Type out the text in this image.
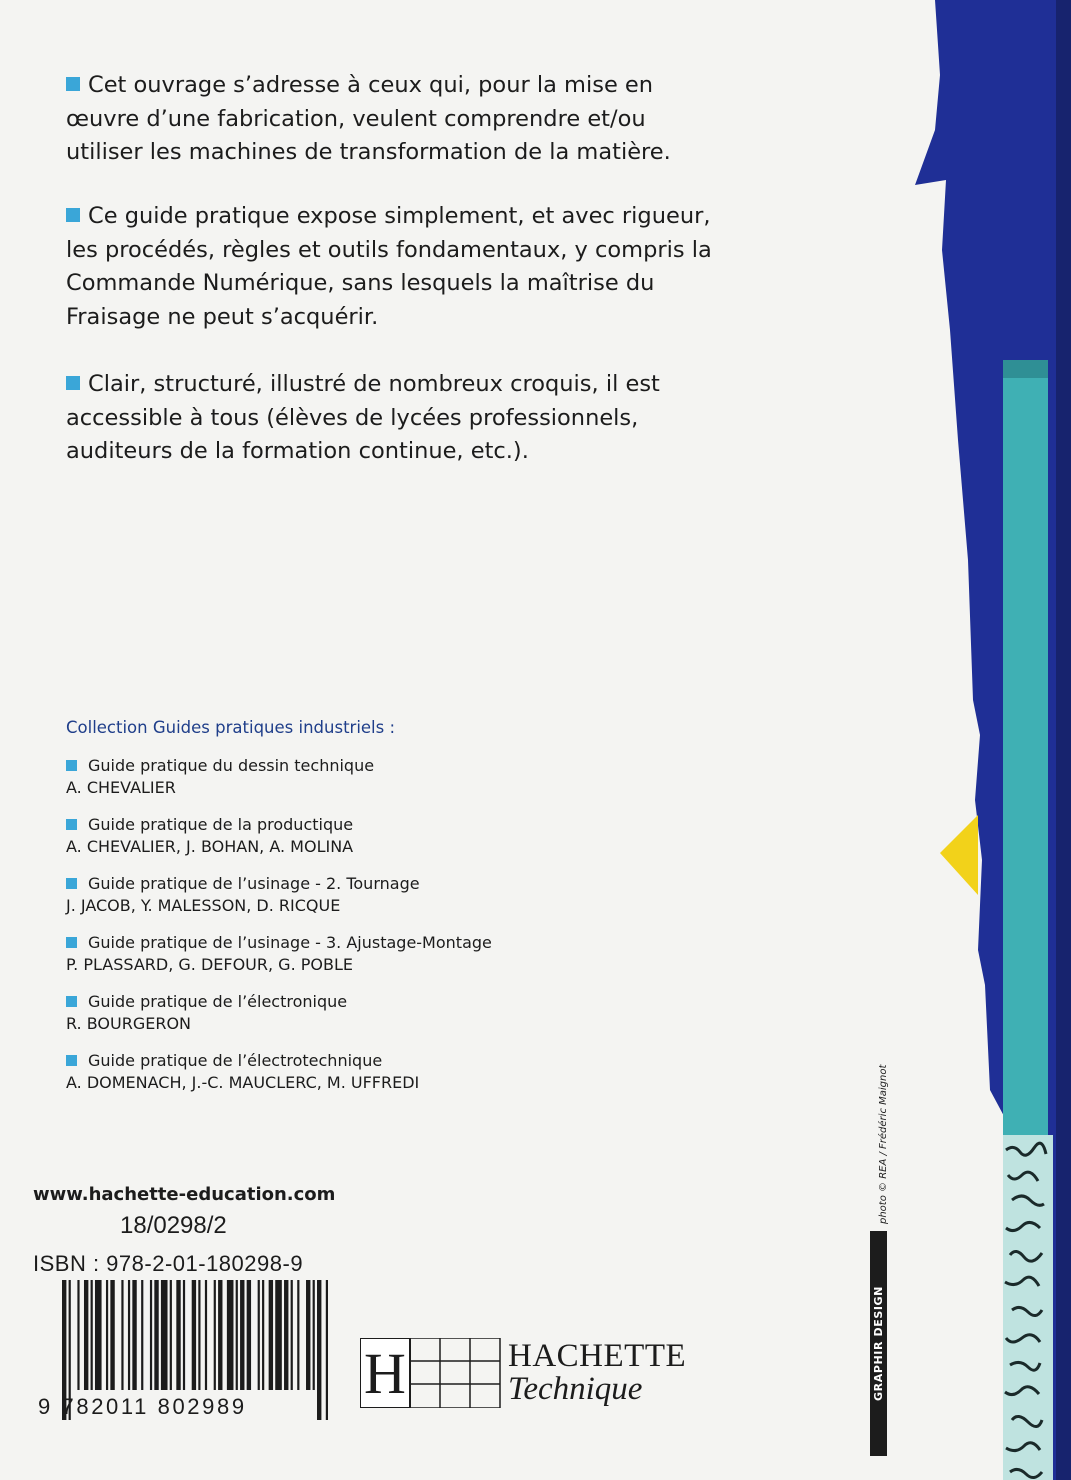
Cet ouvrage s’adresse à ceux qui, pour la mise en œuvre d’une fabrication, veulent comprendre et/ou utiliser les machines de transformation de la matière.
Ce guide pratique expose simplement, et avec rigueur, les procédés, règles et outils fondamentaux, y compris la Commande Numérique, sans lesquels la maîtrise du Fraisage ne peut s’acquérir.
Clair, structuré, illustré de nombreux croquis, il est accessible à tous (élèves de lycées professionnels, auditeurs de la formation continue, etc.).
Collection Guides pratiques industriels :
Guide pratique du dessin technique
A. CHEVALIER
Guide pratique de la productique
A. CHEVALIER, J. BOHAN, A. MOLINA
Guide pratique de l’usinage - 2. Tournage
J. JACOB, Y. MALESSON, D. RICQUE
Guide pratique de l’usinage - 3. Ajustage-Montage
P. PLASSARD, G. DEFOUR, G. POBLE
Guide pratique de l’électronique
R. BOURGERON
Guide pratique de l’électrotechnique
A. DOMENACH, J.-C. MAUCLERC, M. UFFREDI
www.hachette-education.com
18/0298/2
ISBN : 978-2-01-180298-9
9 782011 802989
H	HACHETTE
Technique
photo © REA / Frédéric Maignot
GRAPHIR DESIGN
